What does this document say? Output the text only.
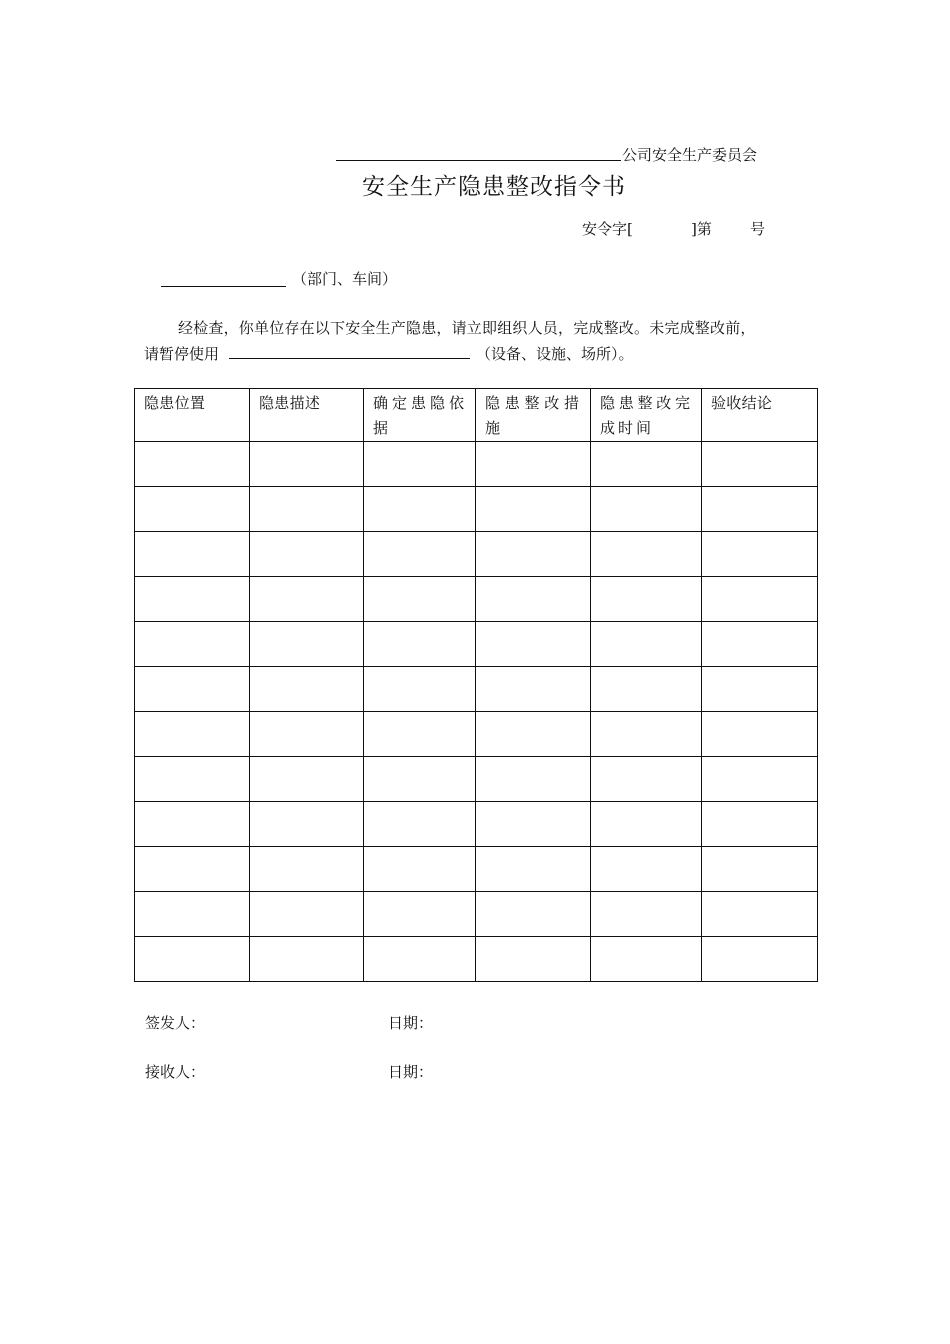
公司安全生产委员会
安全生产隐患整改指令书
安令字[	]第	号
（部门、车间）
经检查，你单位存在以下安全生产隐患，请立即组织人员，完成整改。未完成整改前，
请暂停使用	（设备、设施、场所）。
隐患位置	隐患描述	确定患隐依据	隐患整改措施	隐患整改完成时间	验收结论

签发人：	日期：
接收人：	日期：
